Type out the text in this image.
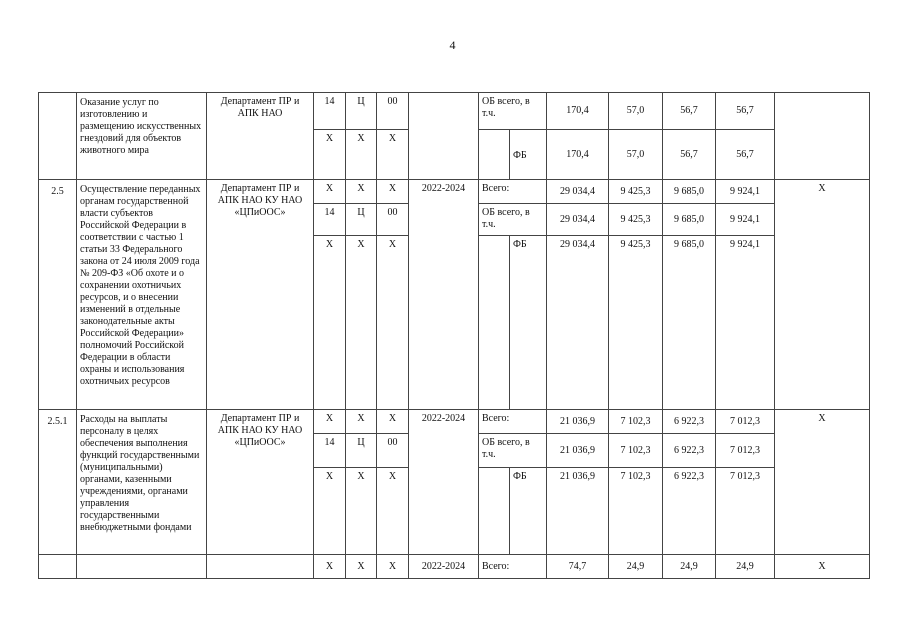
4
	Оказание услуг по изготовлению и размещению искусственных гнездовий для объектов животного мира	Департамент ПР и АПК НАО	14	Ц	00		ОБ всего, в т.ч.		170,4	57,0	56,7	56,7	
			Х	Х	Х			ФБ	170,4	57,0	56,7	56,7	
2.5	Осуществление переданных органам государственной власти субъектов Российской Федерации в соответствии с частью 1 статьи 33 Федерального закона от 24 июля 2009 года № 209-ФЗ «Об охоте и о сохранении охотничьих ресурсов, и о внесении изменений в отдельные законодательные акты Российской Федерации» полномочий Российской Федерации в области охраны и использования охотничьих ресурсов	Департамент ПР и АПК НАО КУ НАО «ЦПиООС»	Х	Х	Х	2022-2024	Всего:		29 034,4	9 425,3	9 685,0	9 924,1	Х
			14	Ц	00		ОБ всего, в т.ч.		29 034,4	9 425,3	9 685,0	9 924,1	
			Х	Х	Х			ФБ	29 034,4	9 425,3	9 685,0	9 924,1	
2.5.1	Расходы на выплаты персоналу в целях обеспечения выполнения функций государственными (муниципальными) органами, казенными учреждениями, органами управления государственными внебюджетными фондами	Департамент ПР и АПК НАО КУ НАО «ЦПиООС»	Х	Х	Х	2022-2024	Всего:		21 036,9	7 102,3	6 922,3	7 012,3	Х
			14	Ц	00		ОБ всего, в т.ч.		21 036,9	7 102,3	6 922,3	7 012,3	
			Х	Х	Х			ФБ	21 036,9	7 102,3	6 922,3	7 012,3	
			Х	Х	Х	2022-2024	Всего:		74,7	24,9	24,9	24,9	Х
